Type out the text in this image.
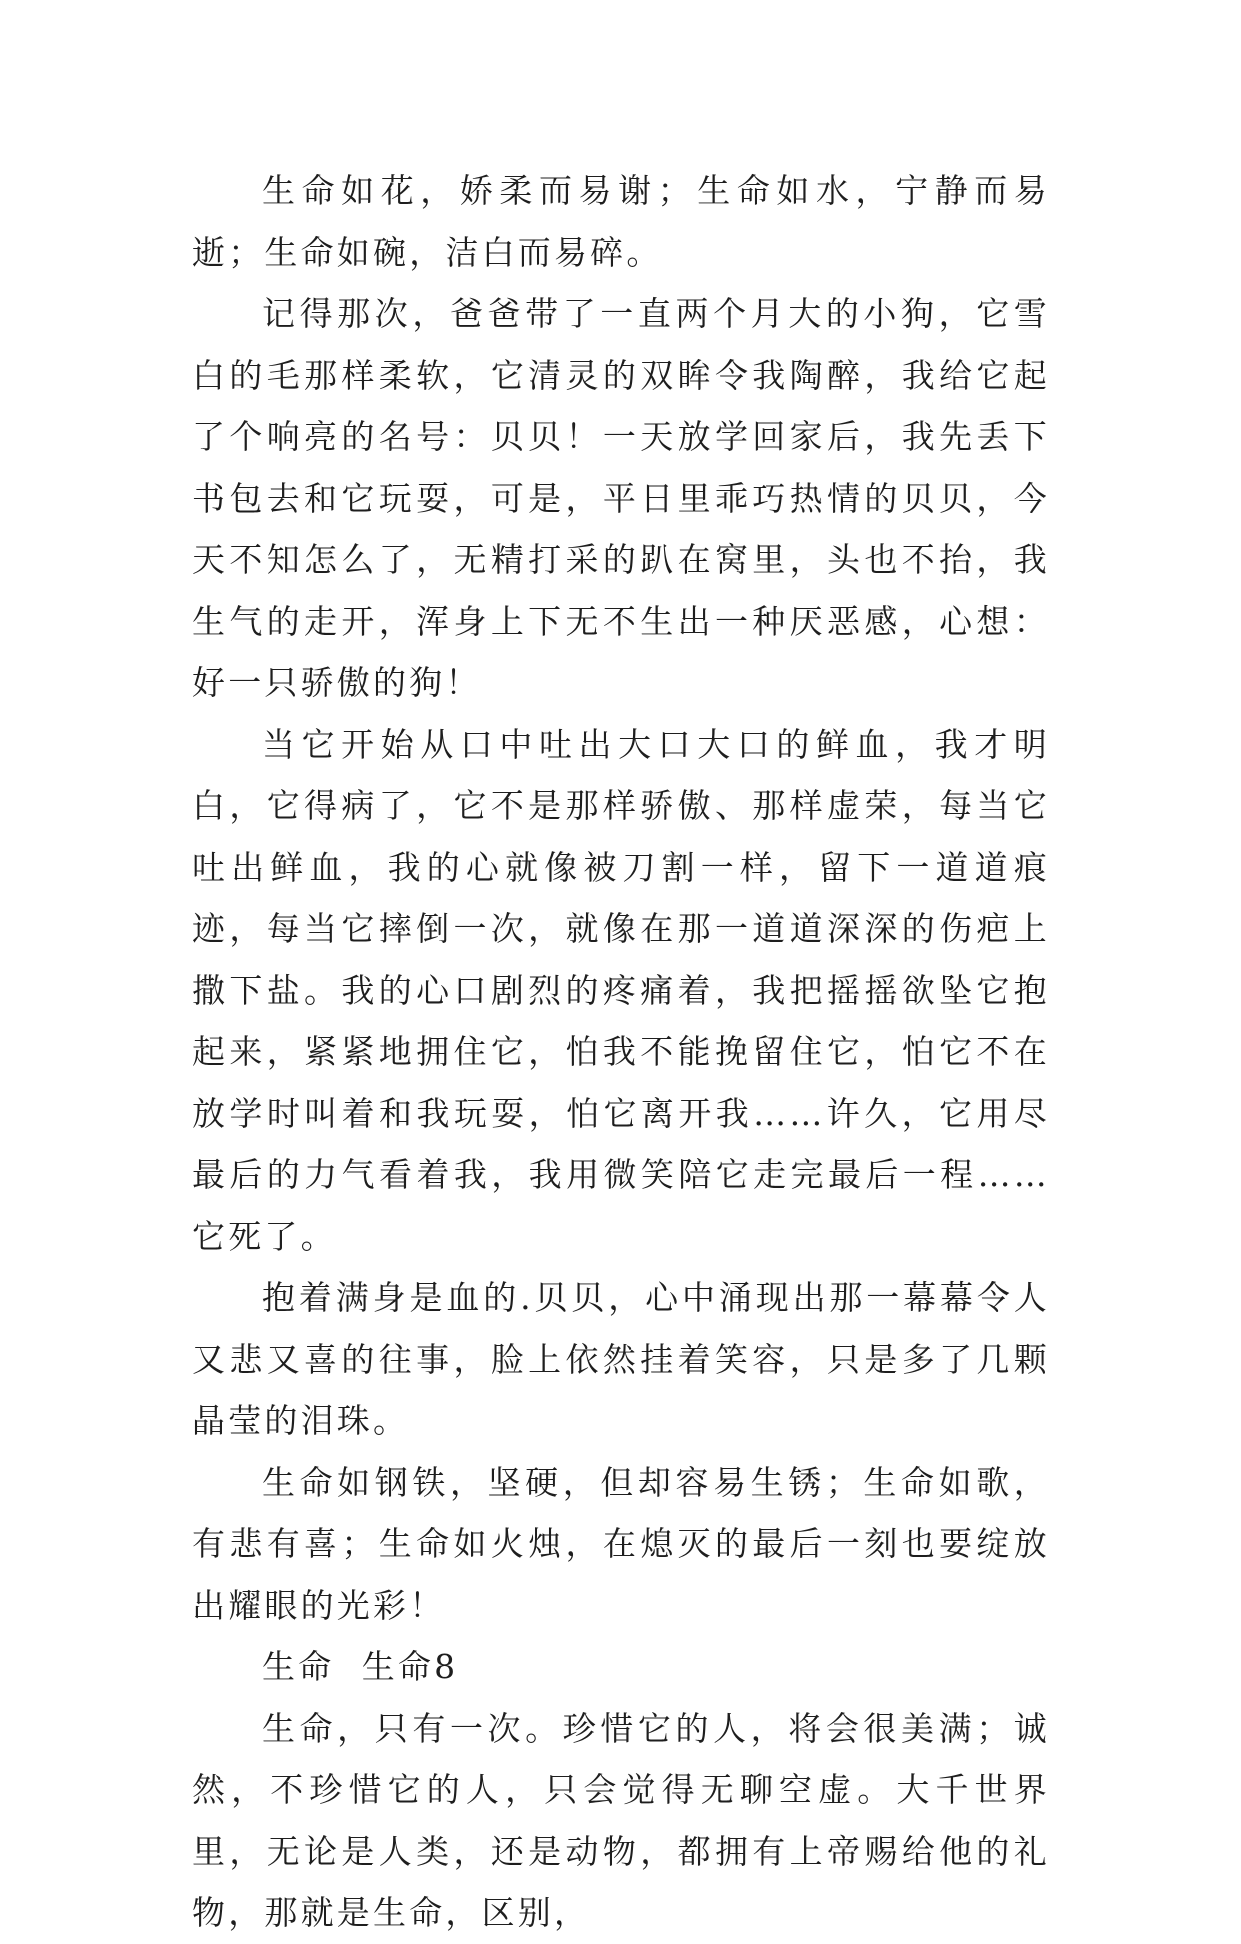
生命如花，娇柔而易谢；生命如水，宁静而易逝；生命如碗，洁白而易碎。

记得那次，爸爸带了一直两个月大的小狗，它雪白的毛那样柔软，它清灵的双眸令我陶醉，我给它起了个响亮的名号：贝贝！一天放学回家后，我先丢下书包去和它玩耍，可是，平日里乖巧热情的贝贝，今天不知怎么了，无精打采的趴在窝里，头也不抬，我生气的走开，浑身上下无不生出一种厌恶感，心想：好一只骄傲的狗！

当它开始从口中吐出大口大口的鲜血，我才明白，它得病了，它不是那样骄傲、那样虚荣，每当它吐出鲜血，我的心就像被刀割一样，留下一道道痕迹，每当它摔倒一次，就像在那一道道深深的伤疤上撒下盐。我的心口剧烈的疼痛着，我把摇摇欲坠它抱起来，紧紧地拥住它，怕我不能挽留住它，怕它不在放学时叫着和我玩耍，怕它离开我……许久，它用尽最后的力气看着我，我用微笑陪它走完最后一程……它死了。

抱着满身是血的.贝贝，心中涌现出那一幕幕令人又悲又喜的往事，脸上依然挂着笑容，只是多了几颗晶莹的泪珠。

生命如钢铁，坚硬，但却容易生锈；生命如歌，有悲有喜；生命如火烛，在熄灭的最后一刻也要绽放出耀眼的光彩！

生命  生命8

生命，只有一次。珍惜它的人，将会很美满；诚然，不珍惜它的人，只会觉得无聊空虚。大千世界里，无论是人类，还是动物，都拥有上帝赐给他的礼物，那就是生命，区别，
